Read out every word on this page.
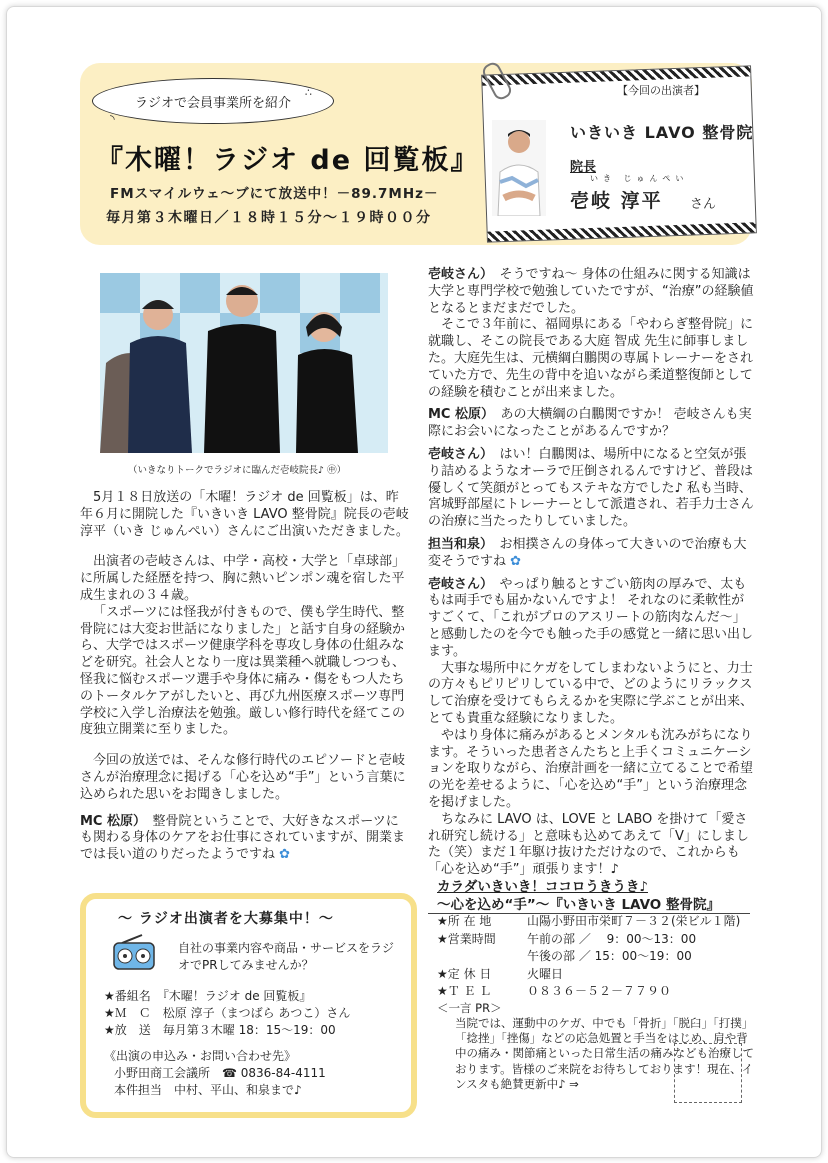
ラジオで会員事業所を紹介
◝
∴
『木曜！ラジオ de 回覧板』
FMスマイルウェ～ブにて放送中！－89.7MHz－
毎月第３木曜日／１８時１５分～１９時００分
【今回の出演者】
いきいき LAVO 整骨院
院長
いき じゅんぺい
壱岐 淳平 さん
（いきなりトークでラジオに臨んだ壱岐院長♪ ㊥）

5月１８日放送の「木曜！ラジオ de 回覧板」は、昨年６月に開院した『いきいき LAVO 整骨院』院長の壱岐 淳平（いき じゅんぺい）さんにご出演いただきました。

出演者の壱岐さんは、中学・高校・大学と「卓球部」に所属した経歴を持つ、胸に熱いピンポン魂を宿した平成生まれの３４歳。

「スポーツには怪我が付きもので、僕も学生時代、整骨院には大変お世話になりました」と話す自身の経験から、大学ではスポーツ健康学科を専攻し身体の仕組みなどを研究。社会人となり一度は異業種へ就職しつつも、怪我に悩むスポーツ選手や身体に痛み・傷をもつ人たちのトータルケアがしたいと、再び九州医療スポーツ専門学校に入学し治療法を勉強。厳しい修行時代を経てこの度独立開業に至りました。

今回の放送では、そんな修行時代のエピソードと壱岐さんが治療理念に掲げる「心を込め“手”」という言葉に込められた思いをお聞きしました。

MC 松原）　 整骨院ということで、大好きなスポーツにも関わる身体のケアをお仕事にされていますが、開業までは長い道のりだったようですね ✿

壱岐さん）　 そうですね～ 身体の仕組みに関する知識は大学と専門学校で勉強していたですが、“治療”の経験値となるとまだまだでした。

そこで３年前に、福岡県にある「やわらぎ整骨院」に就職し、そこの院長である大庭 智成 先生に師事しました。大庭先生は、元横綱白鵬関の専属トレーナーをされていた方で、先生の背中を追いながら柔道整復師としての経験を積むことが出来ました。

MC 松原）　 あの大横綱の白鵬関ですか！ 壱岐さんも実際にお会いになったことがあるんですか？

壱岐さん）　 はい！白鵬関は、場所中になると空気が張り詰めるようなオーラで圧倒されるんですけど、普段は優しくて笑顔がとってもステキな方でした♪ 私も当時、宮城野部屋にトレーナーとして派遣され、若手力士さんの治療に当たったりしていました。

担当和泉）　 お相撲さんの身体って大きいので治療も大変そうですね ✿

壱岐さん）　 やっぱり触るとすごい筋肉の厚みで、太ももは両手でも届かないんですよ！ それなのに柔軟性がすごくて、「これがプロのアスリートの筋肉なんだ～」と感動したのを今でも触った手の感覚と一緒に思い出します。

大事な場所中にケガをしてしまわないようにと、力士の方々もピリピリしている中で、どのようにリラックスして治療を受けてもらえるかを実際に学ぶことが出来、とても貴重な経験になりました。

やはり身体に痛みがあるとメンタルも沈みがちになります。そういった患者さんたちと上手くコミュニケーションを取りながら、治療計画を一緒に立てることで希望の光を差せるように、「心を込め“手”」という治療理念を掲げました。

ちなみに LAVO は、LOVE と LABO を掛けて「愛され研究し続ける」と意味も込めてあえて「V」にしました（笑）まだ１年駆け抜けただけなので、これからも「心を込め“手”」頑張ります！♪

～ ラジオ出演者を大募集中！～
自社の事業内容や商品・サービスをラジオでPRしてみませんか？
★番組名　『木曜！ラジオ de 回覧板』
★Ｍ　Ｃ　松原 淳子（まつばら あつこ）さん
★放　送　毎月第３木曜 18：15～19：00
《出演の申込み・お問い合わせ先》
小野田商工会議所　☎ 0836-84-4111
本件担当　中村、平山、和泉まで♪
カラダいきいき！ココロうきうき♪
～心を込め“手”～『いきいき LAVO 整骨院』
★所 在 地	山陽小野田市栄町７－３２(栄ビル１階)
★営業時間	午前の部 ／　 9：00～13：00
	午後の部 ／ 15：00～19：00
★定 休 日	火曜日
★Ｔ Ｅ Ｌ	０８３６－５２－７７９０
＜一言 PR＞
当院では、運動中のケガ、中でも「骨折」「脱臼」「打撲」「捻挫」「挫傷」などの応急処置と手当をはじめ、肩や背中の痛み・関節痛といった日常生活の痛みなども治療しております。皆様のご来院をお待ちしております！現在、インスタも絶賛更新中♪ ⇒
